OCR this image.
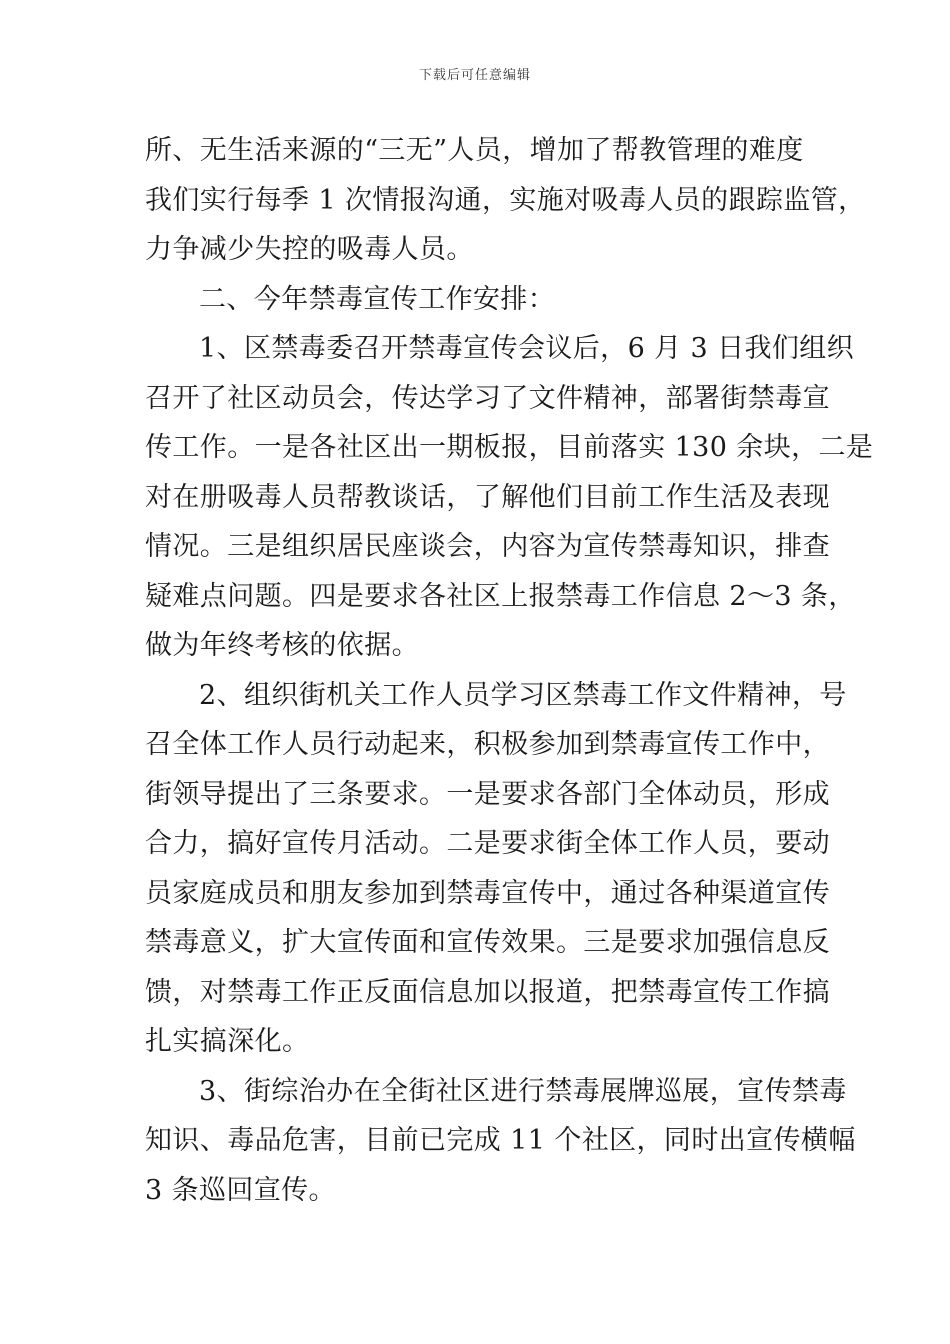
下载后可任意编辑

所、无生活来源的“三无”人员，增加了帮教管理的难度
我们实行每季 1 次情报沟通，实施对吸毒人员的跟踪监管，
力争减少失控的吸毒人员。

二、今年禁毒宣传工作安排：

1、区禁毒委召开禁毒宣传会议后，6 月 3 日我们组织
召开了社区动员会，传达学习了文件精神，部署街禁毒宣
传工作。一是各社区出一期板报，目前落实 130 余块，二是
对在册吸毒人员帮教谈话，了解他们目前工作生活及表现
情况。三是组织居民座谈会，内容为宣传禁毒知识，排查
疑难点问题。四是要求各社区上报禁毒工作信息 2～3 条，
做为年终考核的依据。

2、组织街机关工作人员学习区禁毒工作文件精神，号
召全体工作人员行动起来，积极参加到禁毒宣传工作中，
街领导提出了三条要求。一是要求各部门全体动员，形成
合力，搞好宣传月活动。二是要求街全体工作人员，要动
员家庭成员和朋友参加到禁毒宣传中，通过各种渠道宣传
禁毒意义，扩大宣传面和宣传效果。三是要求加强信息反
馈，对禁毒工作正反面信息加以报道，把禁毒宣传工作搞
扎实搞深化。

3、街综治办在全街社区进行禁毒展牌巡展，宣传禁毒
知识、毒品危害，目前已完成 11 个社区，同时出宣传横幅
3 条巡回宣传。
